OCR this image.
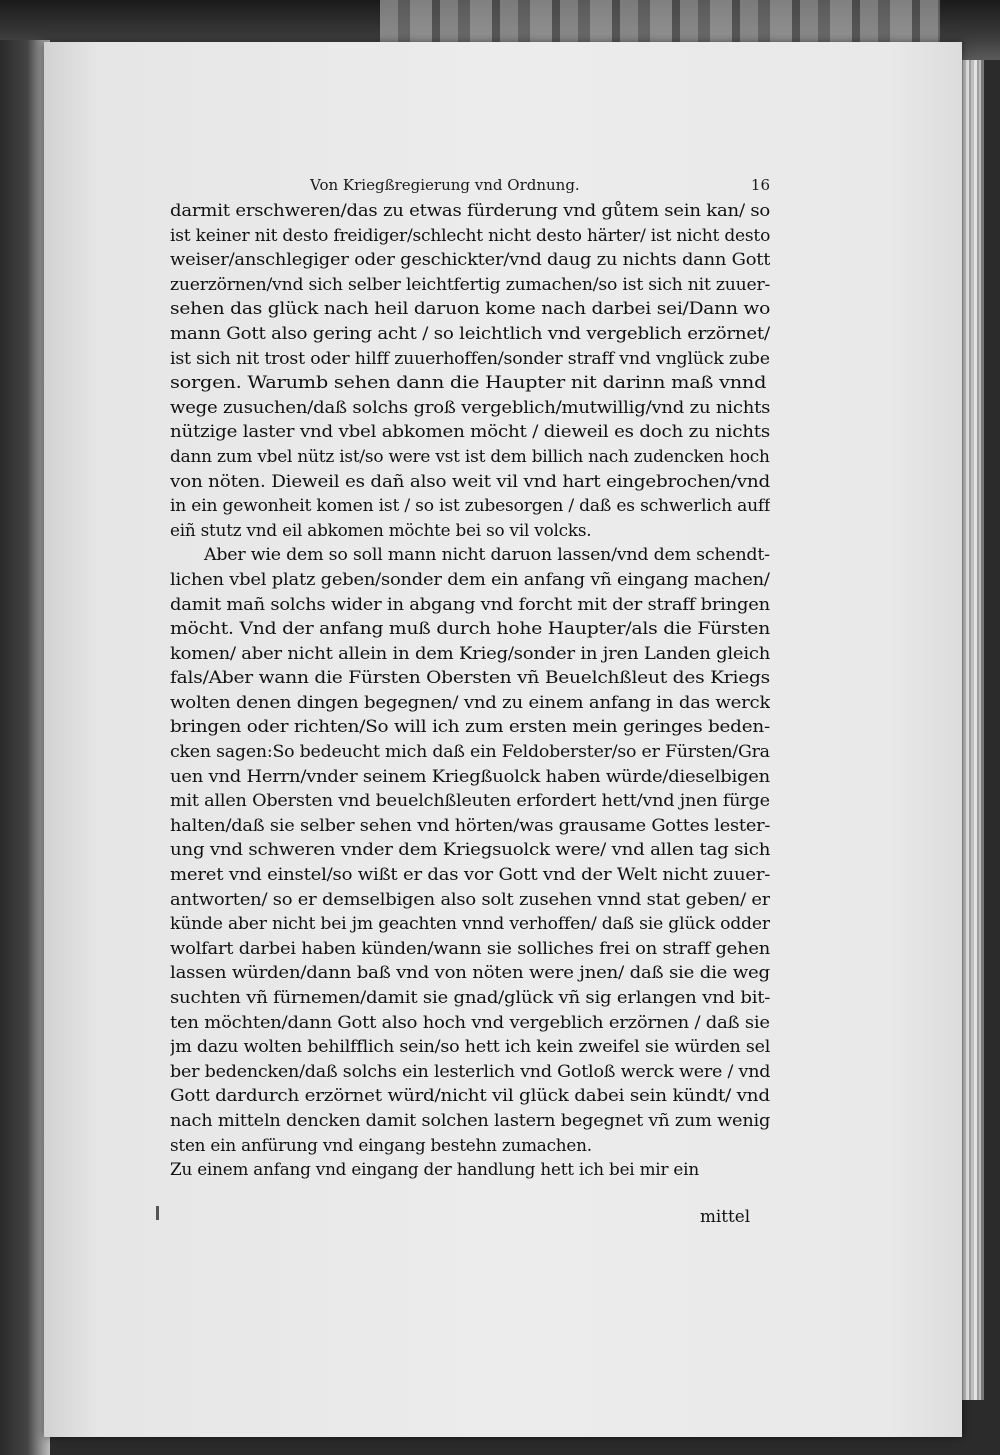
Von Kriegßregierung vnd Ordnung.	16
darmit erschweren/das zu etwas fürderung vnd gůtem sein kan/ so
ist keiner nit desto freidiger/schlecht nicht desto härter/ ist nicht desto
weiser/anschlegiger oder geschickter/vnd daug zu nichts dann Gott
zuerzörnen/vnd sich selber leichtfertig zumachen/so ist sich nit zuuer-
sehen das glück nach heil daruon kome nach darbei sei/Dann wo
mann Gott also gering acht / so leichtlich vnd vergeblich erzörnet/
ist sich nit trost oder hilff zuuerhoffen/sonder straff vnd vnglück zube
sorgen. Warumb sehen dann die Haupter nit darinn maß vnnd
wege zusuchen/daß solchs groß vergeblich/mutwillig/vnd zu nichts
nützige laster vnd vbel abkomen möcht / dieweil es doch zu nichts
dann zum vbel nütz ist/so were vst ist dem billich nach zudencken hoch
von nöten. Dieweil es dañ also weit vil vnd hart eingebrochen/vnd
in ein gewonheit komen ist / so ist zubesorgen / daß es schwerlich auff
eiñ stutz vnd eil abkomen möchte bei so vil volcks.
Aber wie dem so soll mann nicht daruon lassen/vnd dem schendt-
lichen vbel platz geben/sonder dem ein anfang vñ eingang machen/
damit mañ solchs wider in abgang vnd forcht mit der straff bringen
möcht. Vnd der anfang muß durch hohe Haupter/als die Fürsten
komen/ aber nicht allein in dem Krieg/sonder in jren Landen gleich
fals/Aber wann die Fürsten Obersten vñ Beuelchßleut des Kriegs
wolten denen dingen begegnen/ vnd zu einem anfang in das werck
bringen oder richten/So will ich zum ersten mein geringes beden-
cken sagen:So bedeucht mich daß ein Feldoberster/so er Fürsten/Gra
uen vnd Herrn/vnder seinem Kriegßuolck haben würde/dieselbigen
mit allen Obersten vnd beuelchßleuten erfordert hett/vnd jnen fürge
halten/daß sie selber sehen vnd hörten/was grausame Gottes lester-
ung vnd schweren vnder dem Kriegsuolck were/ vnd allen tag sich
meret vnd einstel/so wißt er das vor Gott vnd der Welt nicht zuuer-
antworten/ so er demselbigen also solt zusehen vnnd stat geben/ er
künde aber nicht bei jm geachten vnnd verhoffen/ daß sie glück odder
wolfart darbei haben künden/wann sie solliches frei on straff gehen
lassen würden/dann baß vnd von nöten were jnen/ daß sie die weg
suchten vñ fürnemen/damit sie gnad/glück vñ sig erlangen vnd bit-
ten möchten/dann Gott also hoch vnd vergeblich erzörnen / daß sie
jm dazu wolten behilfflich sein/so hett ich kein zweifel sie würden sel
ber bedencken/daß solchs ein lesterlich vnd Gotloß werck were / vnd
Gott dardurch erzörnet würd/nicht vil glück dabei sein kündt/ vnd
nach mitteln dencken damit solchen lastern begegnet vñ zum wenig
sten ein anfürung vnd eingang bestehn zumachen.
Zu einem anfang vnd eingang der handlung hett ich bei mir ein
mittel
